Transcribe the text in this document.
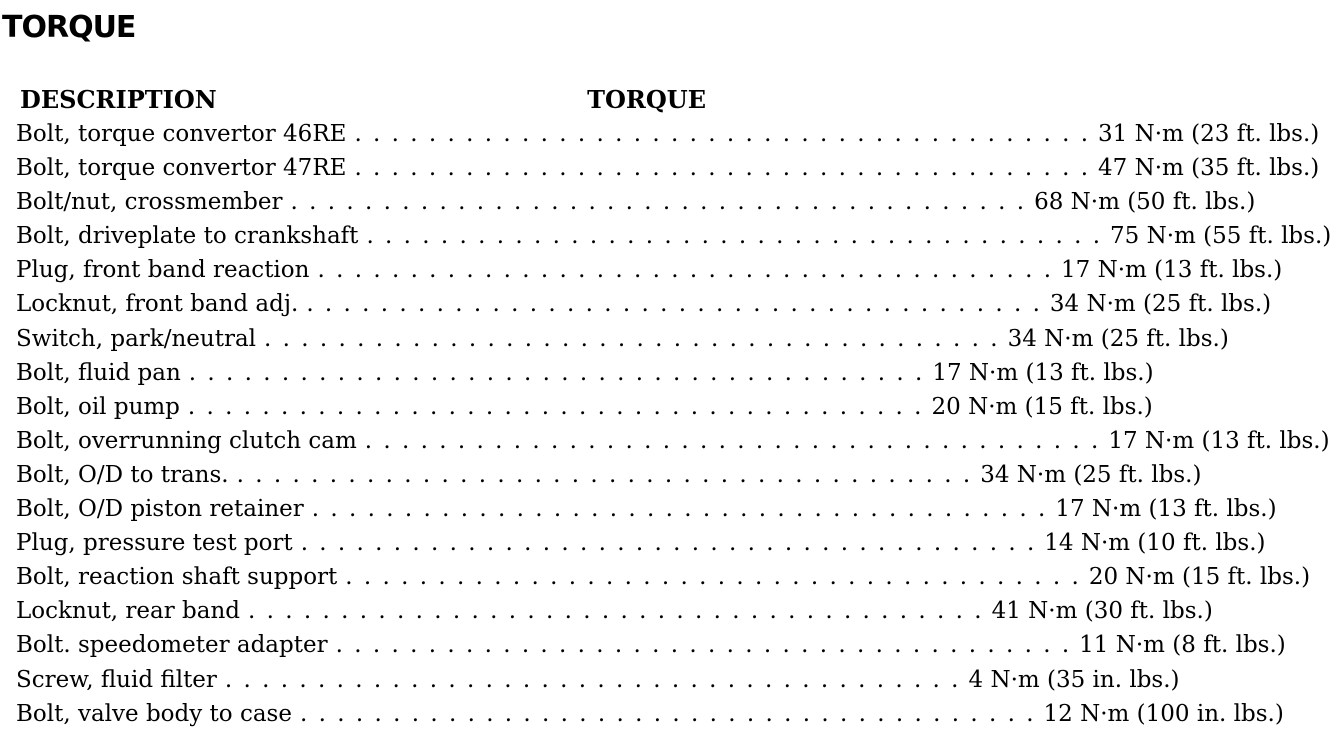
TORQUE
DESCRIPTION	TORQUE
Bolt, torque convertor 46RE . . . . . . . . . . . . . . . . . . . . . . . . . . . . . . . . . . . . . . . . 31 N·m (23 ft. lbs.)
Bolt, torque convertor 47RE . . . . . . . . . . . . . . . . . . . . . . . . . . . . . . . . . . . . . . . . 47 N·m (35 ft. lbs.)
Bolt/nut, crossmember . . . . . . . . . . . . . . . . . . . . . . . . . . . . . . . . . . . . . . . . 68 N·m (50 ft. lbs.)
Bolt, driveplate to crankshaft . . . . . . . . . . . . . . . . . . . . . . . . . . . . . . . . . . . . . . . . 75 N·m (55 ft. lbs.)
Plug, front band reaction . . . . . . . . . . . . . . . . . . . . . . . . . . . . . . . . . . . . . . . . 17 N·m (13 ft. lbs.)
Locknut, front band adj. . . . . . . . . . . . . . . . . . . . . . . . . . . . . . . . . . . . . . . . . 34 N·m (25 ft. lbs.)
Switch, park/neutral . . . . . . . . . . . . . . . . . . . . . . . . . . . . . . . . . . . . . . . . 34 N·m (25 ft. lbs.)
Bolt, fluid pan . . . . . . . . . . . . . . . . . . . . . . . . . . . . . . . . . . . . . . . . 17 N·m (13 ft. lbs.)
Bolt, oil pump . . . . . . . . . . . . . . . . . . . . . . . . . . . . . . . . . . . . . . . . 20 N·m (15 ft. lbs.)
Bolt, overrunning clutch cam . . . . . . . . . . . . . . . . . . . . . . . . . . . . . . . . . . . . . . . . 17 N·m (13 ft. lbs.)
Bolt, O/D to trans. . . . . . . . . . . . . . . . . . . . . . . . . . . . . . . . . . . . . . . . . 34 N·m (25 ft. lbs.)
Bolt, O/D piston retainer . . . . . . . . . . . . . . . . . . . . . . . . . . . . . . . . . . . . . . . . 17 N·m (13 ft. lbs.)
Plug, pressure test port . . . . . . . . . . . . . . . . . . . . . . . . . . . . . . . . . . . . . . . . 14 N·m (10 ft. lbs.)
Bolt, reaction shaft support . . . . . . . . . . . . . . . . . . . . . . . . . . . . . . . . . . . . . . . . 20 N·m (15 ft. lbs.)
Locknut, rear band . . . . . . . . . . . . . . . . . . . . . . . . . . . . . . . . . . . . . . . . 41 N·m (30 ft. lbs.)
Bolt. speedometer adapter . . . . . . . . . . . . . . . . . . . . . . . . . . . . . . . . . . . . . . . . 11 N·m (8 ft. lbs.)
Screw, fluid filter . . . . . . . . . . . . . . . . . . . . . . . . . . . . . . . . . . . . . . . . 4 N·m (35 in. lbs.)
Bolt, valve body to case . . . . . . . . . . . . . . . . . . . . . . . . . . . . . . . . . . . . . . . . 12 N·m (100 in. lbs.)
